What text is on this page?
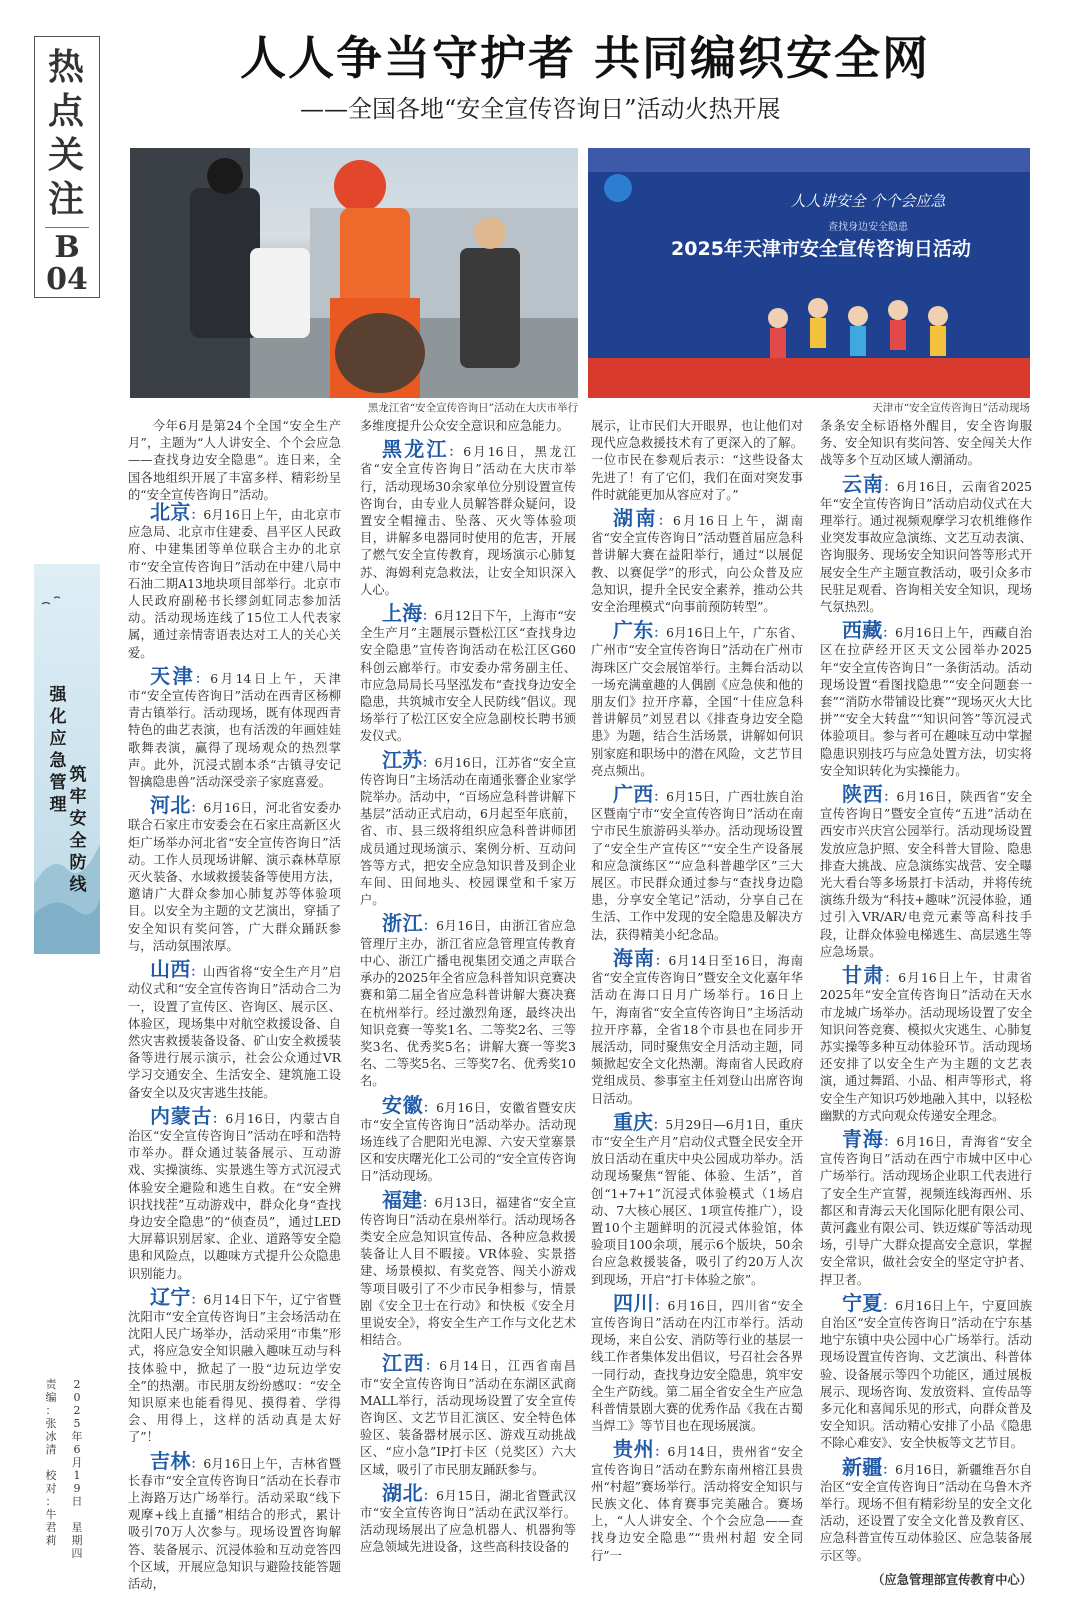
热
点
关
注
B
04
人人争当守护者 共同编织安全网
——全国各地“安全宣传咨询日”活动火热开展
黑龙江省“安全宣传咨询日”活动在大庆市举行
人人讲安全 个个会应急
查找身边安全隐患
2025年天津市安全宣传咨询日活动
天津市“安全宣传咨询日”活动现场
强
化
应
急
管
理
筑
牢
安
全
防
线
责
编
：
张
冰
清

校
对
：
牛
君
莉
2
0
2
5
年
6
月
1
9
日

星
期
四

今年6月是第24个全国“安全生产月”，主题为“人人讲安全、个个会应急——查找身边安全隐患”。连日来，全国各地组织开展了丰富多样、精彩纷呈的“安全宣传咨询日”活动。

北京：6月16日上午，由北京市应急局、北京市住建委、昌平区人民政府、中建集团等单位联合主办的北京市“安全宣传咨询日”活动在中建八局中石油二期A13地块项目部举行。北京市人民政府副秘书长缪剑虹同志参加活动。活动现场连线了15位工人代表家属，通过亲情寄语表达对工人的关心关爱。
天津：6月14日上午，天津市“安全宣传咨询日”活动在西青区杨柳青古镇举行。活动现场，既有体现西青特色的曲艺表演，也有活泼的年画娃娃歌舞表演，赢得了现场观众的热烈掌声。此外，沉浸式剧本杀“古镇寻安记 智擒隐患兽”活动深受亲子家庭喜爱。
河北：6月16日，河北省安委办联合石家庄市安委会在石家庄高新区火炬广场举办河北省“安全宣传咨询日”活动。工作人员现场讲解、演示森林草原灭火装备、水域救援装备等使用方法，邀请广大群众参加心肺复苏等体验项目。以安全为主题的文艺演出，穿插了安全知识有奖问答，广大群众踊跃参与，活动氛围浓厚。
山西：山西省将“安全生产月”启动仪式和“安全宣传咨询日”活动合二为一，设置了宣传区、咨询区、展示区、体验区，现场集中对航空救援设备、自然灾害救援装备设备、矿山安全救援装备等进行展示演示，社会公众通过VR学习交通安全、生活安全、建筑施工设备安全以及灾害逃生技能。
内蒙古：6月16日，内蒙古自治区“安全宣传咨询日”活动在呼和浩特市举办。群众通过装备展示、互动游戏、实操演练、实景逃生等方式沉浸式体验安全避险和逃生自救。在“安全辨识找找茬”互动游戏中，群众化身“查找身边安全隐患”的“侦查员”，通过LED大屏幕识别居家、企业、道路等安全隐患和风险点，以趣味方式提升公众隐患识别能力。
辽宁：6月14日下午，辽宁省暨沈阳市“安全宣传咨询日”主会场活动在沈阳人民广场举办，活动采用“市集”形式，将应急安全知识融入趣味互动与科技体验中，掀起了一股“边玩边学安全”的热潮。市民朋友纷纷感叹：“安全知识原来也能看得见、摸得着、学得会、用得上，这样的活动真是太好了”！
吉林：6月16日上午，吉林省暨长春市“安全宣传咨询日”活动在长春市上海路万达广场举行。活动采取“线下观摩+线上直播”相结合的形式，累计吸引70万人次参与。现场设置咨询解答、装备展示、沉浸体验和互动竞答四个区域，开展应急知识与避险技能答题活动，
多维度提升公众安全意识和应急能力。
黑龙江：6月16日，黑龙江省“安全宣传咨询日”活动在大庆市举行，活动现场30余家单位分别设置宣传咨询台，由专业人员解答群众疑问，设置安全帽撞击、坠落、灭火等体验项目，讲解多电器同时使用的危害，开展了燃气安全宣传教育，现场演示心肺复苏、海姆利克急救法，让安全知识深入人心。
上海：6月12日下午，上海市“安全生产月”主题展示暨松江区“查找身边安全隐患”宣传咨询活动在松江区G60科创云廊举行。市安委办常务副主任、市应急局局长马坚泓发布“查找身边安全隐患，共筑城市安全人民防线”倡议。现场举行了松江区安全应急副校长聘书颁发仪式。
江苏：6月16日，江苏省“安全宣传咨询日”主场活动在南通张謇企业家学院举办。活动中，“百场应急科普讲解下基层”活动正式启动，6月起至年底前，省、市、县三级将组织应急科普讲师团成员通过现场演示、案例分析、互动问答等方式，把安全应急知识普及到企业车间、田间地头、校园课堂和千家万户。
浙江：6月16日，由浙江省应急管理厅主办，浙江省应急管理宣传教育中心、浙江广播电视集团交通之声联合承办的2025年全省应急科普知识竞赛决赛和第二届全省应急科普讲解大赛决赛在杭州举行。经过激烈角逐，最终决出知识竞赛一等奖1名、二等奖2名、三等奖3名、优秀奖5名；讲解大赛一等奖3名、二等奖5名、三等奖7名、优秀奖10名。
安徽：6月16日，安徽省暨安庆市“安全宣传咨询日”活动举办。活动现场连线了合肥阳光电源、六安天堂寨景区和安庆曙光化工公司的“安全宣传咨询日”活动现场。
福建：6月13日，福建省“安全宣传咨询日”活动在泉州举行。活动现场各类安全应急知识宣传品、各种应急救援装备让人目不暇接。VR体验、实景搭建、场景模拟、有奖竞答、闯关小游戏等项目吸引了不少市民争相参与，情景剧《安全卫士在行动》和快板《安全月里说安全》，将安全生产工作与文化艺术相结合。
江西：6月14日，江西省南昌市“安全宣传咨询日”活动在东湖区武商MALL举行，活动现场设置了安全宣传咨询区、文艺节目汇演区、安全特色体验区、装备器材展示区、游戏互动挑战区、“应小急”IP打卡区（兑奖区）六大区域，吸引了市民朋友踊跃参与。
湖北：6月15日，湖北省暨武汉市“安全宣传咨询日”活动在武汉举行。活动现场展出了应急机器人、机器狗等应急领域先进设备，这些高科技设备的
展示，让市民们大开眼界，也让他们对现代应急救援技术有了更深入的了解。一位市民在参观后表示：“这些设备太先进了！有了它们，我们在面对突发事件时就能更加从容应对了。”
湖南：6月16日上午，湖南省“安全宣传咨询日”活动暨首届应急科普讲解大赛在益阳举行，通过“以展促教、以赛促学”的形式，向公众普及应急知识，提升全民安全素养，推动公共安全治理模式“向事前预防转型”。
广东：6月16日上午，广东省、广州市“安全宣传咨询日”活动在广州市海珠区广交会展馆举行。主舞台活动以一场充满童趣的人偶剧《应急侠和他的朋友们》拉开序幕，全国“十佳应急科普讲解员”刘昱君以《排查身边安全隐患》为题，结合生活场景，讲解如何识别家庭和职场中的潜在风险，文艺节目亮点频出。
广西：6月15日，广西壮族自治区暨南宁市“安全宣传咨询日”活动在南宁市民生旅游码头举办。活动现场设置了“安全生产宣传区”“安全生产设备展和应急演练区”“应急科普趣学区”三大展区。市民群众通过参与“查找身边隐患，分享安全笔记”活动，分享自己在生活、工作中发现的安全隐患及解决方法，获得精美小纪念品。
海南：6月14日至16日，海南省“安全宣传咨询日”暨安全文化嘉年华活动在海口日月广场举行。16日上午，海南省“安全宣传咨询日”主场活动拉开序幕，全省18个市县也在同步开展活动，同时聚焦安全月活动主题，同频掀起安全文化热潮。海南省人民政府党组成员、参事室主任刘登山出席咨询日活动。
重庆：5月29日—6月1日，重庆市“安全生产月”启动仪式暨全民安全开放日活动在重庆中央公园成功举办。活动现场聚焦“智能、体验、生活”，首创“1+7+1”沉浸式体验模式（1场启动、7大核心展区、1项宣传推广），设置10个主题鲜明的沉浸式体验馆，体验项目100余项，展示6个版块，50余台应急救援装备，吸引了约20万人次到现场，开启“打卡体验之旅”。
四川：6月16日，四川省“安全宣传咨询日”活动在内江市举行。活动现场，来自公安、消防等行业的基层一线工作者集体发出倡议，号召社会各界一同行动，查找身边安全隐患，筑牢安全生产防线。第二届全省安全生产应急科普情景剧大赛的优秀作品《我在古蜀当焊工》等节目也在现场展演。
贵州：6月14日，贵州省“安全宣传咨询日”活动在黔东南州榕江县贵州“村超”赛场举行。活动将安全知识与民族文化、体育赛事完美融合。赛场上，“人人讲安全、个个会应急——查找身边安全隐患”“贵州村超 安全同行”一
条条安全标语格外醒目，安全咨询服务、安全知识有奖问答、安全闯关大作战等多个互动区域人潮涌动。
云南：6月16日，云南省2025年“安全宣传咨询日”活动启动仪式在大理举行。通过视频观摩学习农机维修作业突发事故应急演练、文艺互动表演、咨询服务、现场安全知识问答等形式开展安全生产主题宣教活动，吸引众多市民驻足观看、咨询相关安全知识，现场气氛热烈。
西藏：6月16日上午，西藏自治区在拉萨经开区天文公园举办2025年“安全宣传咨询日”一条街活动。活动现场设置“看图找隐患”“安全问题套一套”“消防水带铺设比赛”“现场灭火大比拼”“安全大转盘”“知识问答”等沉浸式体验项目。参与者可在趣味互动中掌握隐患识别技巧与应急处置方法，切实将安全知识转化为实操能力。
陕西：6月16日，陕西省“安全宣传咨询日”暨安全宣传“五进”活动在西安市兴庆宫公园举行。活动现场设置发放应急护照、安全科普大冒险、隐患排查大挑战、应急演练实战营、安全曝光大看台等多场景打卡活动，并将传统演练升级为“科技+趣味”沉浸体验，通过引入VR/AR/电竞元素等高科技手段，让群众体验电梯逃生、高层逃生等应急场景。
甘肃：6月16日上午，甘肃省2025年“安全宣传咨询日”活动在天水市龙城广场举办。活动现场设置了安全知识问答竞赛、模拟火灾逃生、心肺复苏实操等多种互动体验环节。活动现场还安排了以安全生产为主题的文艺表演，通过舞蹈、小品、相声等形式，将安全生产知识巧妙地融入其中，以轻松幽默的方式向观众传递安全理念。
青海：6月16日，青海省“安全宣传咨询日”活动在西宁市城中区中心广场举行。活动现场企业职工代表进行了安全生产宣誓，视频连线海西州、乐都区和青海云天化国际化肥有限公司、黄河鑫业有限公司、铁迈煤矿等活动现场，引导广大群众提高安全意识，掌握安全常识，做社会安全的坚定守护者、捍卫者。
宁夏：6月16日上午，宁夏回族自治区“安全宣传咨询日”活动在宁东基地宁东镇中央公园中心广场举行。活动现场设置宣传咨询、文艺演出、科普体验、设备展示等四个功能区，通过展板展示、现场咨询、发放资料、宣传品等多元化和喜闻乐见的形式，向群众普及安全知识。活动精心安排了小品《隐患不除心难安》、安全快板等文艺节目。
新疆：6月16日，新疆维吾尔自治区“安全宣传咨询日”活动在乌鲁木齐举行。现场不但有精彩纷呈的安全文化活动，还设置了安全文化普及教育区、应急科普宣传互动体验区、应急装备展示区等。
（应急管理部宣传教育中心）
